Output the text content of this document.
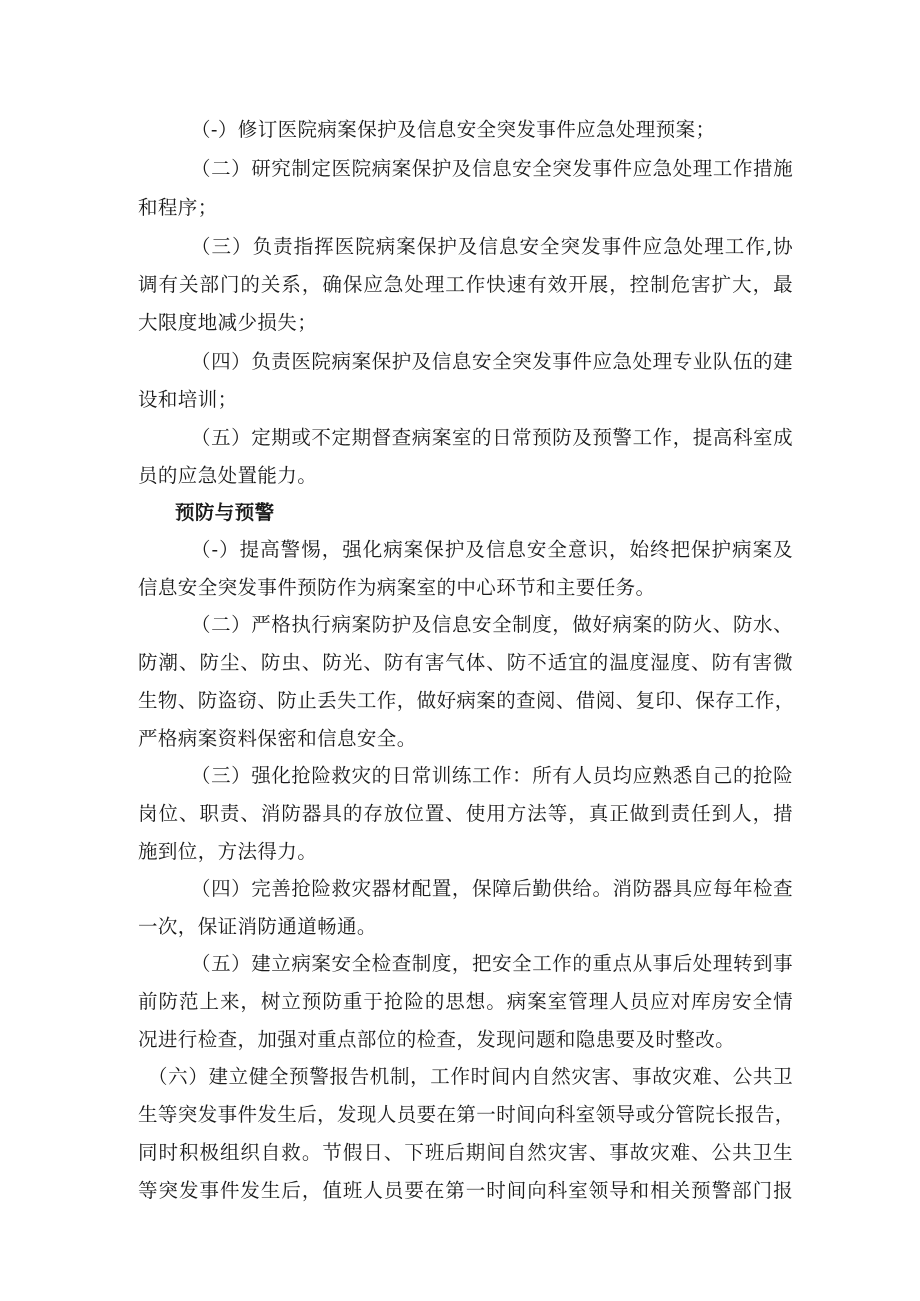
（-）修订医院病案保护及信息安全突发事件应急处理预案；
（二）研究制定医院病案保护及信息安全突发事件应急处理工作措施
和程序；
（三）负责指挥医院病案保护及信息安全突发事件应急处理工作,协
调有关部门的关系，确保应急处理工作快速有效开展，控制危害扩大，最
大限度地减少损失；
（四）负责医院病案保护及信息安全突发事件应急处理专业队伍的建
设和培训；
（五）定期或不定期督查病案室的日常预防及预警工作，提高科室成
员的应急处置能力。
预防与预警
（-）提高警惕，强化病案保护及信息安全意识，始终把保护病案及
信息安全突发事件预防作为病案室的中心环节和主要任务。
（二）严格执行病案防护及信息安全制度，做好病案的防火、防水、
防潮、防尘、防虫、防光、防有害气体、防不适宜的温度湿度、防有害微
生物、防盗窃、防止丢失工作，做好病案的查阅、借阅、复印、保存工作，
严格病案资料保密和信息安全。
（三）强化抢险救灾的日常训练工作：所有人员均应熟悉自己的抢险
岗位、职责、消防器具的存放位置、使用方法等，真正做到责任到人，措
施到位，方法得力。
（四）完善抢险救灾器材配置，保障后勤供给。消防器具应每年检查
一次，保证消防通道畅通。
（五）建立病案安全检查制度，把安全工作的重点从事后处理转到事
前防范上来，树立预防重于抢险的思想。病案室管理人员应对库房安全情
况进行检查，加强对重点部位的检查，发现问题和隐患要及时整改。
（六）建立健全预警报告机制，工作时间内自然灾害、事故灾难、公共卫
生等突发事件发生后，发现人员要在第一时间向科室领导或分管院长报告，
同时积极组织自救。节假日、下班后期间自然灾害、事故灾难、公共卫生
等突发事件发生后，值班人员要在第一时间向科室领导和相关预警部门报
